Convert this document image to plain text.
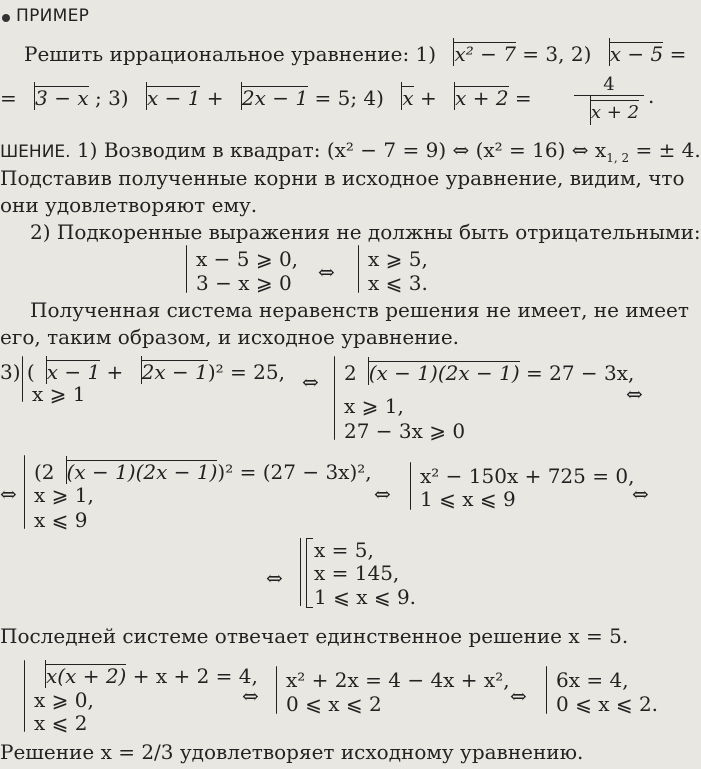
ПРИМЕР
Решить иррациональное уравнение: 1) x² − 7 = 3, 2) x − 5 =
= 3 − x ; 3) x − 1 + 2x − 1 = 5; 4) $x + x + 2 = \frac{4}{x + 2}$ .
ШЕНИЕ. 1) Возводим в квадрат: (x² − 7 = 9) ⇔ (x² = 16) ⇔ $x_{1, 2}$ = ± 4.
Подставив полученные корни в исходное уравнение, видим, что
они удовлетворяют ему.
2) Подкоренные выражения не должны быть отрицательными:
x − 5 ⩾ 0,
3 − x ⩾ 0 ⇔
x ⩾ 5,
x ⩽ 3.
Полученная система неравенств решения не имеет, не имеет
его, таким образом, и исходное уравнение.
3) ( x − 1 + 2x − 1)² = 25,
x ⩾ 1	⇔ 2 (x − 1)(2x − 1) = 27 − 3x,
x ⩾ 1,
27 − 3x ⩾ 0
⇔
⇔
(2 (x − 1)(2x − 1))² = (27 − 3x)²,
x ⩾ 1,
x ⩽ 9
⇔
x² − 150x + 725 = 0,
1 ⩽ x ⩽ 9	⇔
⇔
x = 5,
x = 145,
1 ⩽ x ⩽ 9.
Последней системе отвечает единственное решение x = 5.
x(x + 2) + x + 2 = 4,
x ⩾ 0,
x ⩽ 2
⇔
x² + 2x = 4 − 4x + x²,
0 ⩽ x ⩽ 2	⇔
6x = 4,
0 ⩽ x ⩽ 2.
Решение x = 2/3 удовлетворяет исходному уравнению.
